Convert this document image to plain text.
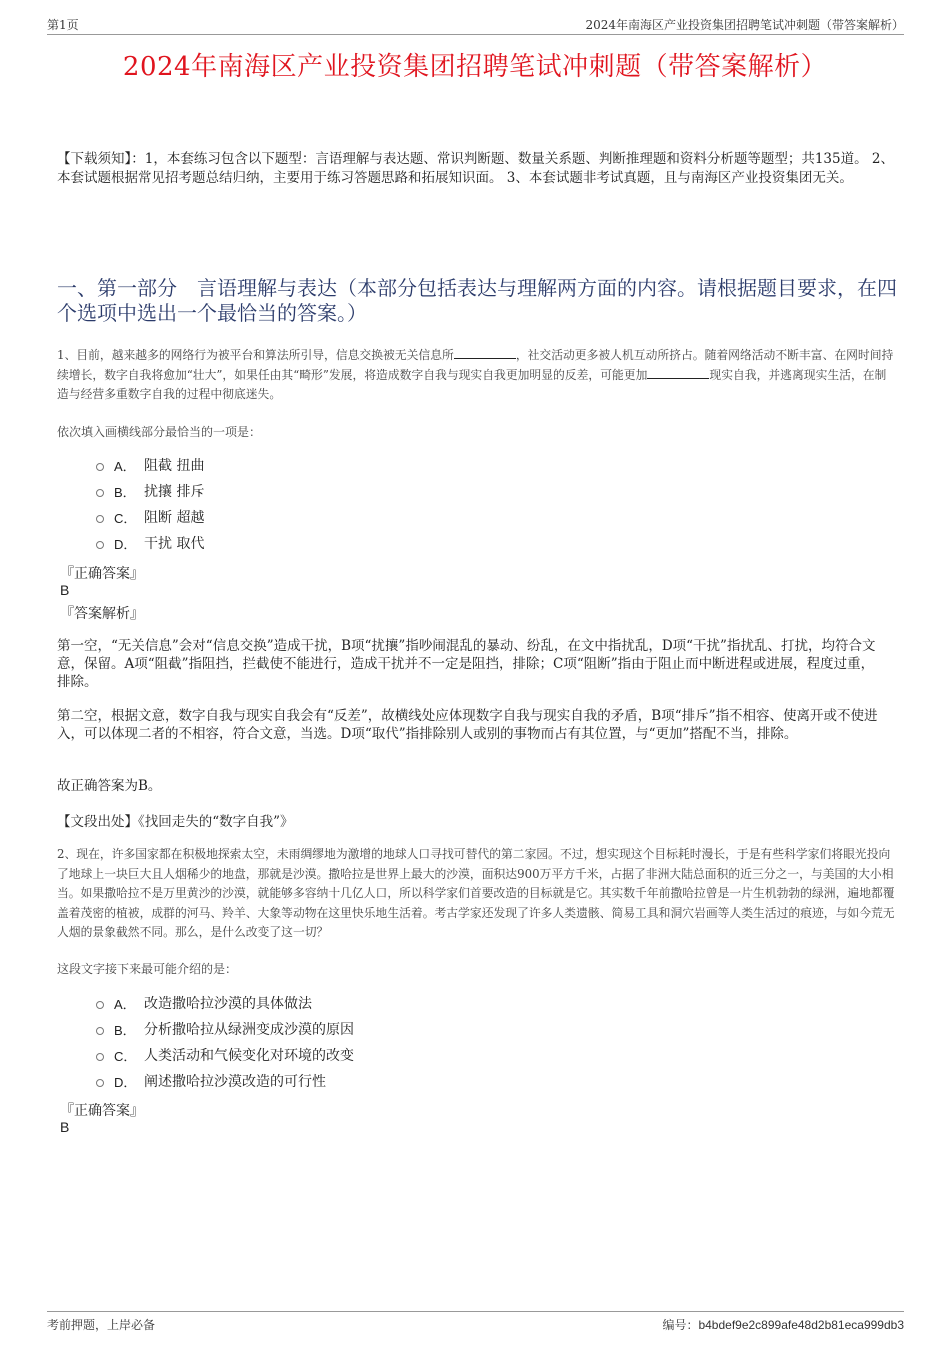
第1页	2024年南海区产业投资集团招聘笔试冲刺题（带答案解析）
2024年南海区产业投资集团招聘笔试冲刺题（带答案解析）
【下载须知】：1，本套练习包含以下题型：言语理解与表达题、常识判断题、数量关系题、判断推理题和资料分析题等题型；共135道。 2、本套试题根据常见招考题总结归纳，主要用于练习答题思路和拓展知识面。 3、本套试题非考试真题，且与南海区产业投资集团无关。
一、第一部分　言语理解与表达（本部分包括表达与理解两方面的内容。请根据题目要求，在四个选项中选出一个最恰当的答案。）
1、目前，越来越多的网络行为被平台和算法所引导，信息交换被无关信息所	，社交活动更多被人机互动所挤占。随着网络活动不断丰富、在网时间持续增长，数字自我将愈加“壮大”，如果任由其“畸形”发展，将造成数字自我与现实自我更加明显的反差，可能更加	现实自我，并逃离现实生活，在制造与经营多重数字自我的过程中彻底迷失。
依次填入画横线部分最恰当的一项是：
A． 阻截 扭曲
B． 扰攘 排斥
C． 阻断 超越
D． 干扰 取代
『正确答案』
B
『答案解析』
第一空，“无关信息”会对“信息交换”造成干扰，B项“扰攘”指吵闹混乱的暴动、纷乱，在文中指扰乱，D项“干扰”指扰乱、打扰，均符合文意，保留。A项“阻截”指阻挡，拦截使不能进行，造成干扰并不一定是阻挡，排除；C项“阻断”指由于阻止而中断进程或进展，程度过重，排除。
第二空，根据文意，数字自我与现实自我会有“反差”，故横线处应体现数字自我与现实自我的矛盾，B项“排斥”指不相容、使离开或不使进入，可以体现二者的不相容，符合文意，当选。D项“取代”指排除别人或别的事物而占有其位置，与“更加”搭配不当，排除。
故正确答案为B。
【文段出处】《找回走失的“数字自我”》
2、现在，许多国家都在积极地探索太空，未雨绸缪地为激增的地球人口寻找可替代的第二家园。不过，想实现这个目标耗时漫长，于是有些科学家们将眼光投向了地球上一块巨大且人烟稀少的地盘，那就是沙漠。撒哈拉是世界上最大的沙漠，面积达900万平方千米，占据了非洲大陆总面积的近三分之一，与美国的大小相当。如果撒哈拉不是万里黄沙的沙漠，就能够多容纳十几亿人口，所以科学家们首要改造的目标就是它。其实数千年前撒哈拉曾是一片生机勃勃的绿洲，遍地都覆盖着茂密的植被，成群的河马、羚羊、大象等动物在这里快乐地生活着。考古学家还发现了许多人类遗骸、简易工具和洞穴岩画等人类生活过的痕迹，与如今荒无人烟的景象截然不同。那么，是什么改变了这一切？
这段文字接下来最可能介绍的是：
A． 改造撒哈拉沙漠的具体做法
B． 分析撒哈拉从绿洲变成沙漠的原因
C． 人类活动和气候变化对环境的改变
D． 阐述撒哈拉沙漠改造的可行性
『正确答案』
B
考前押题，上岸必备	编号：b4bdef9e2c899afe48d2b81eca999db3
